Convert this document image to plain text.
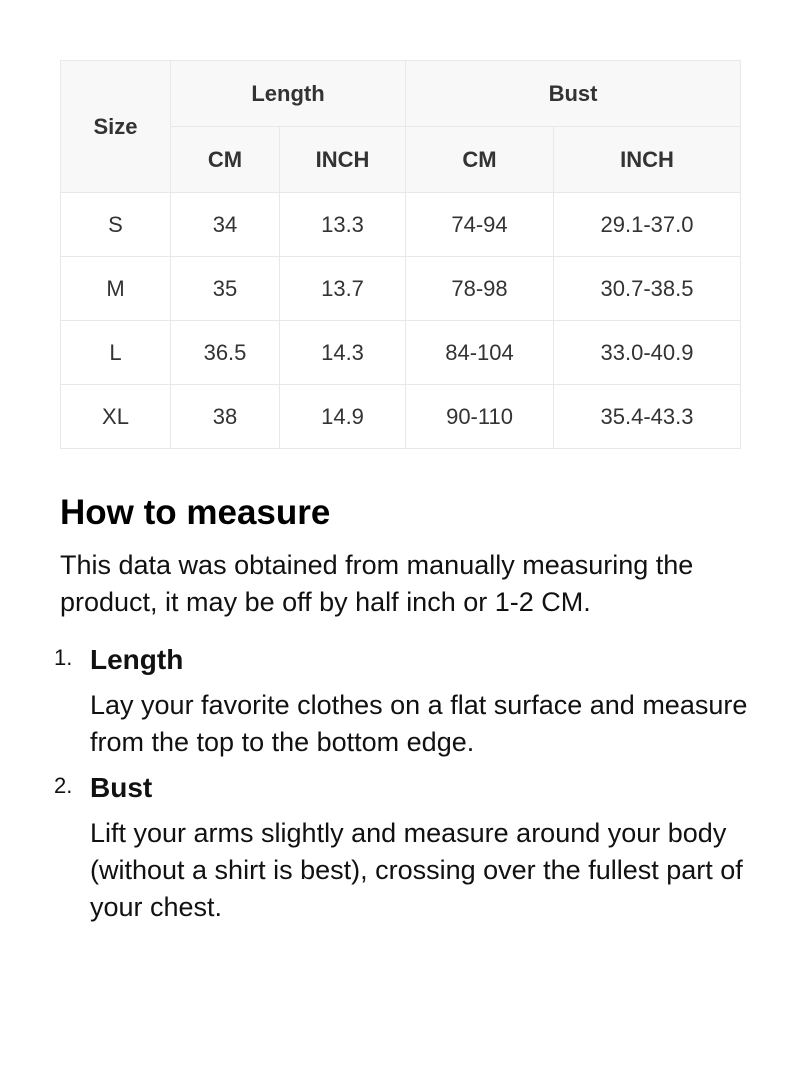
Size	Length		Bust	
	CM	INCH	CM	INCH
S	34	13.3	74-94	29.1-37.0
M	35	13.7	78-98	30.7-38.5
L	36.5	14.3	84-104	33.0-40.9
XL	38	14.9	90-110	35.4-43.3
How to measure

This data was obtained from manually measuring the product, it may be off by half inch or 1-2 CM.

1. Length
Lay your favorite clothes on a flat surface and measure from the top to the bottom edge.
2. Bust
Lift your arms slightly and measure around your body (without a shirt is best), crossing over the fullest part of your chest.
